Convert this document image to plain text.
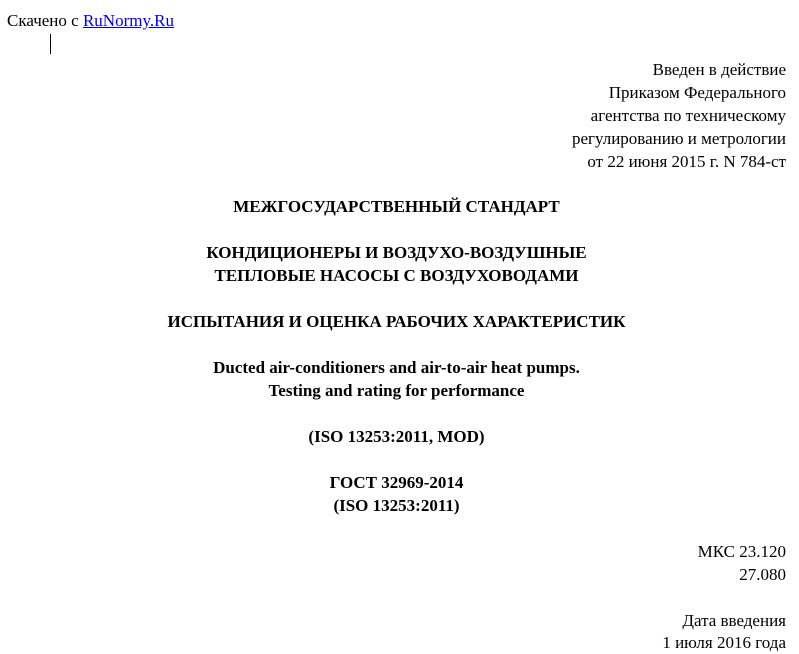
Скачено с RuNormy.Ru
Введен в действие
Приказом Федерального
агентства по техническому
регулированию и метрологии
от 22 июня 2015 г. N 784-ст
МЕЖГОСУДАРСТВЕННЫЙ СТАНДАРТ
КОНДИЦИОНЕРЫ И ВОЗДУХО-ВОЗДУШНЫЕ
ТЕПЛОВЫЕ НАСОСЫ С ВОЗДУХОВОДАМИ
ИСПЫТАНИЯ И ОЦЕНКА РАБОЧИХ ХАРАКТЕРИСТИК
Ducted air-conditioners and air-to-air heat pumps.
Testing and rating for performance
(ISO 13253:2011, MOD)
ГОСТ 32969-2014
(ISO 13253:2011)
МКС 23.120
27.080
Дата введения
1 июля 2016 года
